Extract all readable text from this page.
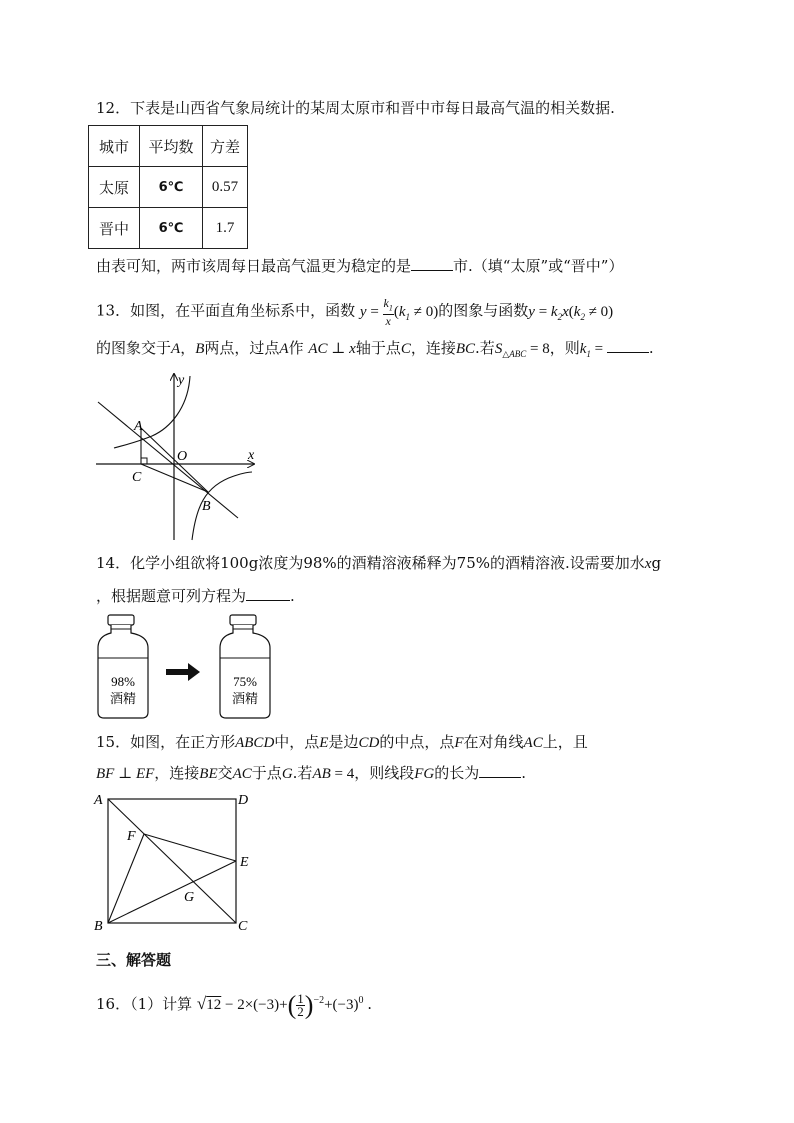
12．下表是山西省气象局统计的某周太原市和晋中市每日最高气温的相关数据.
城市	平均数	方差
太原	6℃	0.57
晋中	6℃	1.7
由表可知，两市该周每日最高气温更为稳定的是	市.（填“太原”或“晋中”）
13．如图，在平面直角坐标系中，函数 $y = \frac{k_1}{x} (k_1 \ne 0)$的图象与函数$y = k_2x(k_2 \ne 0)$
的图象交于A，B两点，过点A作 AC ⊥ x轴于点C，连接BC.若$S_{\triangle ABC} = 8$，则$k_1$ =	.
y
x
A
O
C
B
14．化学小组欲将100g浓度为98%的酒精溶液稀释为75%的酒精溶液.设需要加水xg
，根据题意可列方程为	.
98%
酒精
75%
酒精
15．如图，在正方形ABCD中，点E是边CD的中点，点F在对角线AC上，且
BF ⊥ EF，连接BE交AC于点G.若AB = 4，则线段FG的长为	.
A	D
F
E
G
B	C
三、解答题
16．（1）计算 $√12 - 2\times(-3)+( \frac{1}{2} )^{-2}+(-3)^0$ .
